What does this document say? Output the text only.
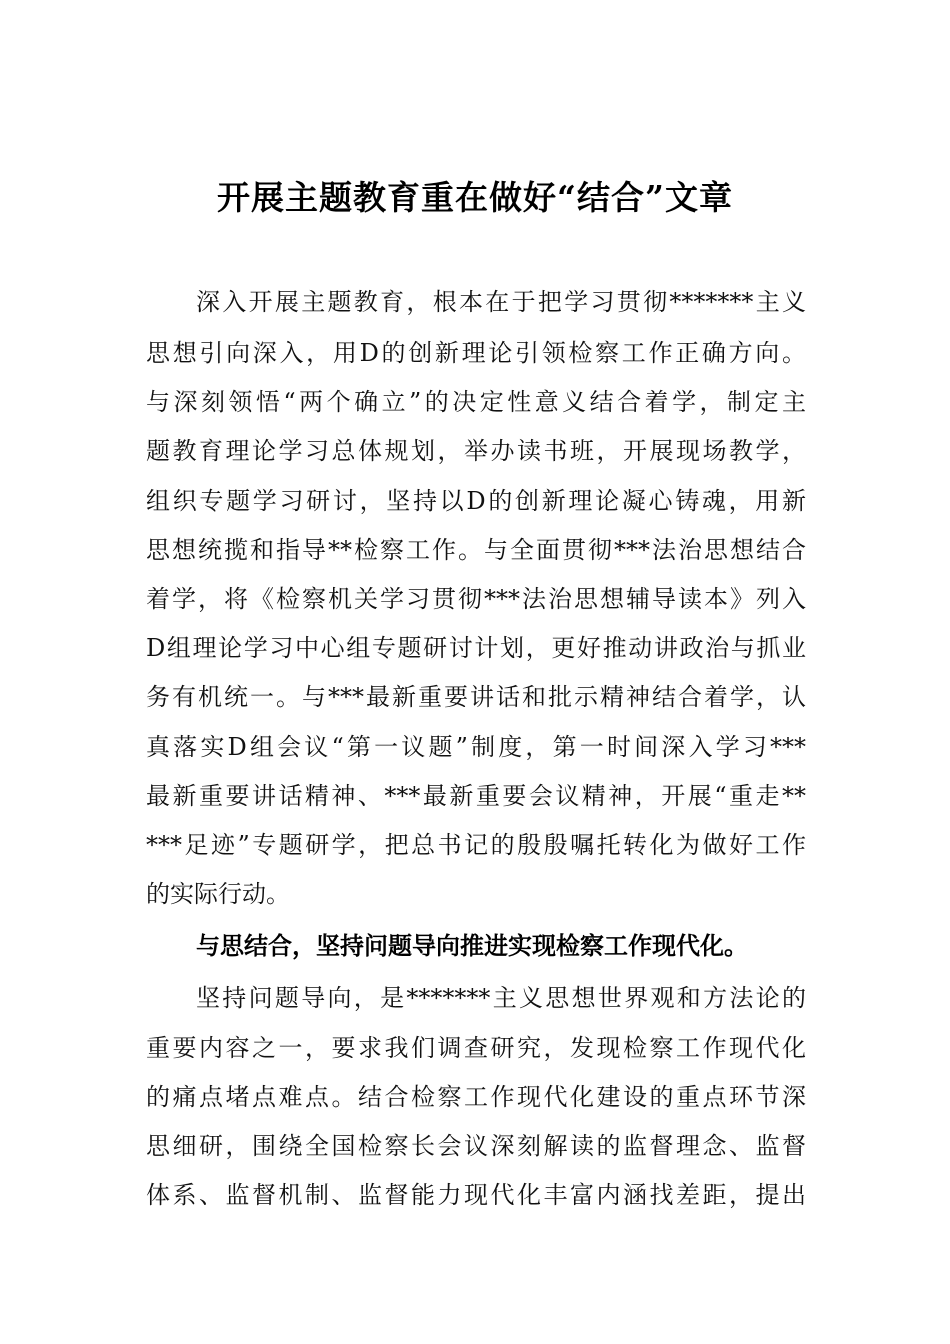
开展主题教育重在做好“结合”文章
深入开展主题教育，根本在于把学习贯彻*******主义
思想引向深入，用D的创新理论引领检察工作正确方向。
与深刻领悟“两个确立”的决定性意义结合着学，制定主
题教育理论学习总体规划，举办读书班，开展现场教学，
组织专题学习研讨，坚持以D的创新理论凝心铸魂，用新
思想统揽和指导**检察工作。与全面贯彻***法治思想结合
着学，将《检察机关学习贯彻***法治思想辅导读本》列入
D组理论学习中心组专题研讨计划，更好推动讲政治与抓业
务有机统一。与***最新重要讲话和批示精神结合着学，认
真落实D组会议“第一议题”制度，第一时间深入学习***
最新重要讲话精神、***最新重要会议精神，开展“重走**
***足迹”专题研学，把总书记的殷殷嘱托转化为做好工作
的实际行动。
与思结合，坚持问题导向推进实现检察工作现代化。
坚持问题导向，是*******主义思想世界观和方法论的
重要内容之一，要求我们调查研究，发现检察工作现代化
的痛点堵点难点。结合检察工作现代化建设的重点环节深
思细研，围绕全国检察长会议深刻解读的监督理念、监督
体系、监督机制、监督能力现代化丰富内涵找差距，提出
